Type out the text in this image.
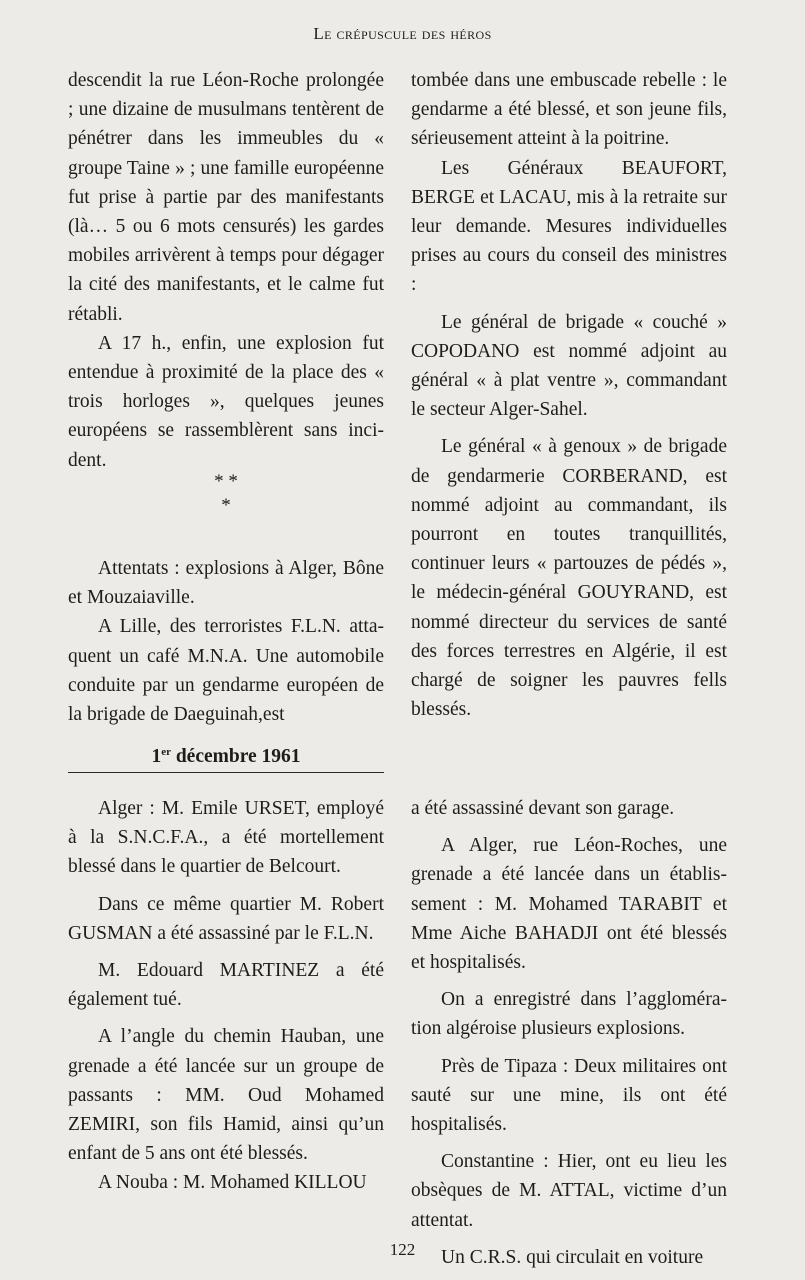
Le crépuscule des héros

descendit la rue Léon-Roche prolongée ; une dizaine de musulmans tentèrent de pénétrer dans les immeubles du « groupe Taine » ; une famille européenne fut prise à partie par des manifestants (là… 5 ou 6 mots censurés) les gardes mobiles arrivèrent à temps pour dégager la cité des manifestants, et le calme fut rétabli.

A 17 h., enfin, une explosion fut entendue à proximité de la place des « trois horloges », quelques jeunes européens se rassemblèrent sans incident.

* *
*

Attentats : explosions à Alger, Bône et Mouzaiaville.

A Lille, des terroristes F.L.N. attaquent un café M.N.A. Une automobile conduite par un gendarme européen de la brigade de Daeguinah,est

tombée dans une embuscade rebelle : le gendarme a été blessé, et son jeune fils, sérieusement atteint à la poitrine.

Les Généraux BEAUFORT, BERGE et LACAU, mis à la retraite sur leur demande. Mesures individuelles prises au cours du conseil des ministres :

Le général de brigade « couché » COPODANO est nommé adjoint au général « à plat ventre », commandant le secteur Alger-Sahel.

Le général « à genoux » de brigade de gendarmerie CORBERAND, est nommé adjoint au commandant, ils pourront en toutes tranquillités, continuer leurs « partouzes de pédés », le médecin-général GOUYRAND, est nommé directeur du services de santé des forces terrestres en Algérie, il est chargé de soigner les pauvres fells blessés.

1er décembre 1961

Alger : M. Emile URSET, employé à la S.N.C.F.A., a été mortellement blessé dans le quartier de Belcourt.

Dans ce même quartier M. Robert GUSMAN a été assassiné par le F.L.N.

M. Edouard MARTINEZ a été également tué.

A l’angle du chemin Hauban, une grenade a été lancée sur un groupe de passants : MM. Oud Mohamed ZEMIRI, son fils Hamid, ainsi qu’un enfant de 5 ans ont été blessés.

A Nouba : M. Mohamed KILLOU

a été assassiné devant son garage.

A Alger, rue Léon-Roches, une grenade a été lancée dans un établissement : M. Mohamed TARABIT et Mme Aiche BAHADJI ont été blessés et hospitalisés.

On a enregistré dans l’agglomération algéroise plusieurs explosions.

Près de Tipaza : Deux militaires ont sauté sur une mine, ils ont été hospitalisés.

Constantine : Hier, ont eu lieu les obsèques de M. ATTAL, victime d’un attentat.

Un C.R.S. qui circulait en voiture

122
